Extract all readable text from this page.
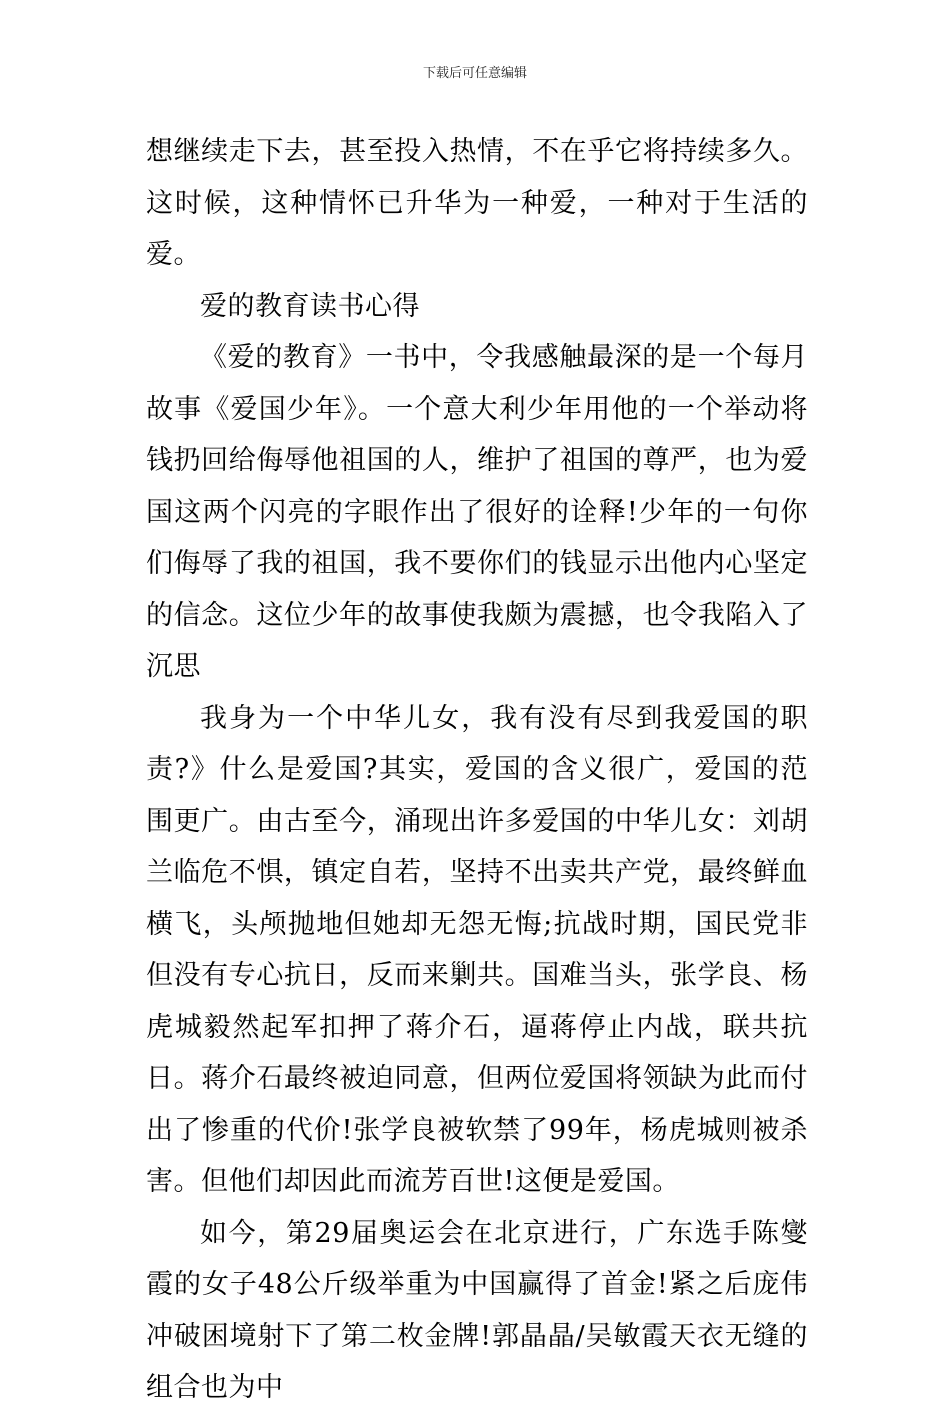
下载后可任意编辑

想继续走下去，甚至投入热情，不在乎它将持续多久。这时候，这种情怀已升华为一种爱，一种对于生活的爱。

爱的教育读书心得

《爱的教育》一书中，令我感触最深的是一个每月故事《爱国少年》。一个意大利少年用他的一个举动将钱扔回给侮辱他祖国的人，维护了祖国的尊严，也为爱国这两个闪亮的字眼作出了很好的诠释!少年的一句你们侮辱了我的祖国，我不要你们的钱显示出他内心坚定的信念。这位少年的故事使我颇为震撼，也令我陷入了沉思

我身为一个中华儿女，我有没有尽到我爱国的职责?》什么是爱国?其实，爱国的含义很广，爱国的范围更广。由古至今，涌现出许多爱国的中华儿女：刘胡兰临危不惧，镇定自若，坚持不出卖共产党，最终鲜血横飞，头颅抛地但她却无怨无悔;抗战时期，国民党非但没有专心抗日，反而来剿共。国难当头，张学良、杨虎城毅然起军扣押了蒋介石，逼蒋停止内战，联共抗日。蒋介石最终被迫同意，但两位爱国将领缺为此而付出了惨重的代价!张学良被软禁了99年，杨虎城则被杀害。但他们却因此而流芳百世!这便是爱国。

如今，第29届奥运会在北京进行，广东选手陈燮霞的女子48公斤级举重为中国赢得了首金!紧之后庞伟冲破困境射下了第二枚金牌!郭晶晶/吴敏霞天衣无缝的组合也为中
